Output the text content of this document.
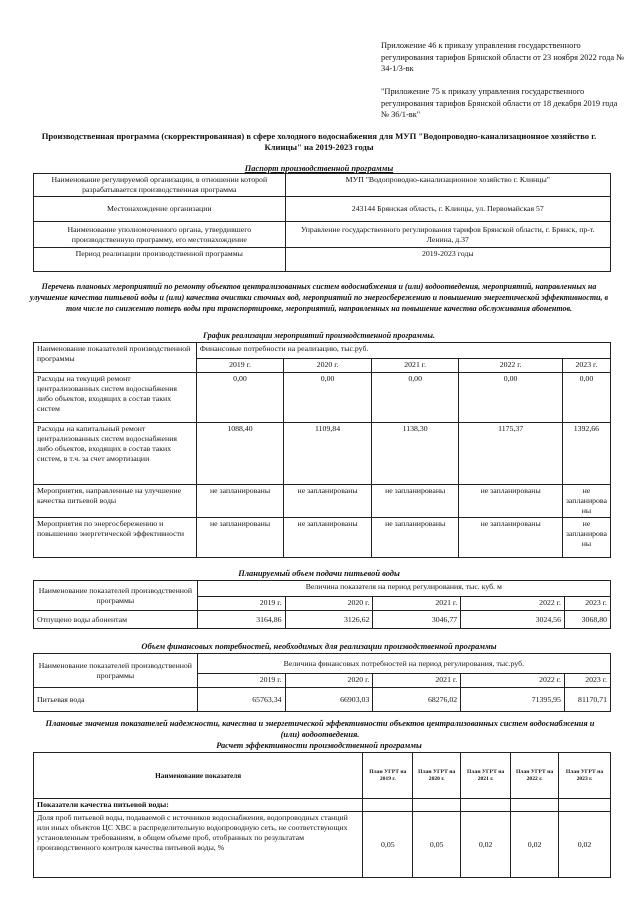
Приложение 46 к приказу управления государственного регулирования тарифов Брянской области от 23 ноября 2022 года № 34-1/3-вк
"Приложение 75 к приказу управления государственного регулирования тарифов Брянской области от 18 декабря 2019 года № 36/1-вк"
Производственная программа (скорректированная) в сфере холодного водоснабжения для МУП "Водопроводно-канализационное хозяйство г. Клинцы" на 2019-2023 годы
Паспорт производственной программы
Наименование регулируемой организации, в отношении которой разрабатывается производственная программа	МУП "Водопроводно-канализационное хозяйство г. Клинцы"
Местонахождение организации	243144 Брянская область, г. Клинцы, ул. Первомайская 57
Наименование уполномоченного органа, утвердившего производственную программу, его местонахождение	Управление государственного регулирования тарифов Брянской области, г. Брянск, пр-т. Ленина, д.37
Период реализации производственной программы	2019-2023 годы
Перечень плановых мероприятий по ремонту объектов централизованных систем водоснабжения и (или) водоотведения, мероприятий, направленных на улучшение качества питьевой воды и (или) качества очистки сточных вод, мероприятий по энергосбережению и повышению энергетической эффективности, в том числе по снижению потерь воды при транспортировке, мероприятий, направленных на повышение качества обслуживания абонентов.
График реализации мероприятий производственной программы.
Наименование показателей производственной программы	Финансовые потребности на реализацию, тыс.руб.				
	2019 г.	2020 г.	2021 г.	2022 г.	2023 г.
Расходы на текущий ремонт централизованных систем водоснабжения либо объектов, входящих в состав таких систем	0,00	0,00	0,00	0,00	0,00
Расходы на капитальный ремонт централизованных систем водоснабжения либо объектов, входящих в состав таких систем, в т.ч. за счет амортизации	1088,40	1109,84	1138,30	1175,37	1392,66
Мероприятия, направленные на улучшение качества питьевой воды	не запланированы	не запланированы	не запланированы	не запланированы	не запланирова ны
Мероприятия по энергосбережению и повышению энергетической эффективности	не запланированы	не запланированы	не запланированы	не запланированы	не запланирова ны
Планируемый объем подачи питьевой воды
Наименование показателей производственной программы	Величина показателя на период регулирования, тыс. куб. м				
	2019 г.	2020 г.	2021 г.	2022 г.	2023 г.
Отпущено воды абонентам	3164,86	3126,62	3046,77	3024,56	3068,80
Объем финансовых потребностей, необходимых для реализации производственной программы
Наименование показателей производственной программы	Величина финансовых потребностей на период регулирования, тыс.руб.				
	2019 г.	2020 г.	2021 г.	2022 г.	2023 г.
Питьевая вода	65763,34	66903,03	68276,02	71395,95	81170,71
Плановые значения показателей надежности, качества и энергетической эффективности объектов централизованных систем водоснабжения и (или) водоотведения.
Расчет эффективности производственной программы
Наименование показателя	План УГРТ на 2019 г.	План УГРТ на 2020 г.	План УГРТ на 2021 г.	План УГРТ на 2022 г.	План УГРТ на 2023 г.
Показатели качества питьевой воды:					
Доля проб питьевой воды, подаваемой с источников водоснабжения, водопроводных станций или иных объектов ЦС ХВС в распределительную водопроводную сеть, не соответствующих установленным требованиям, в общем объеме проб, отобранных по результатам производственного контроля качества питьевой воды, %	0,05	0,05	0,02	0,02	0,02
